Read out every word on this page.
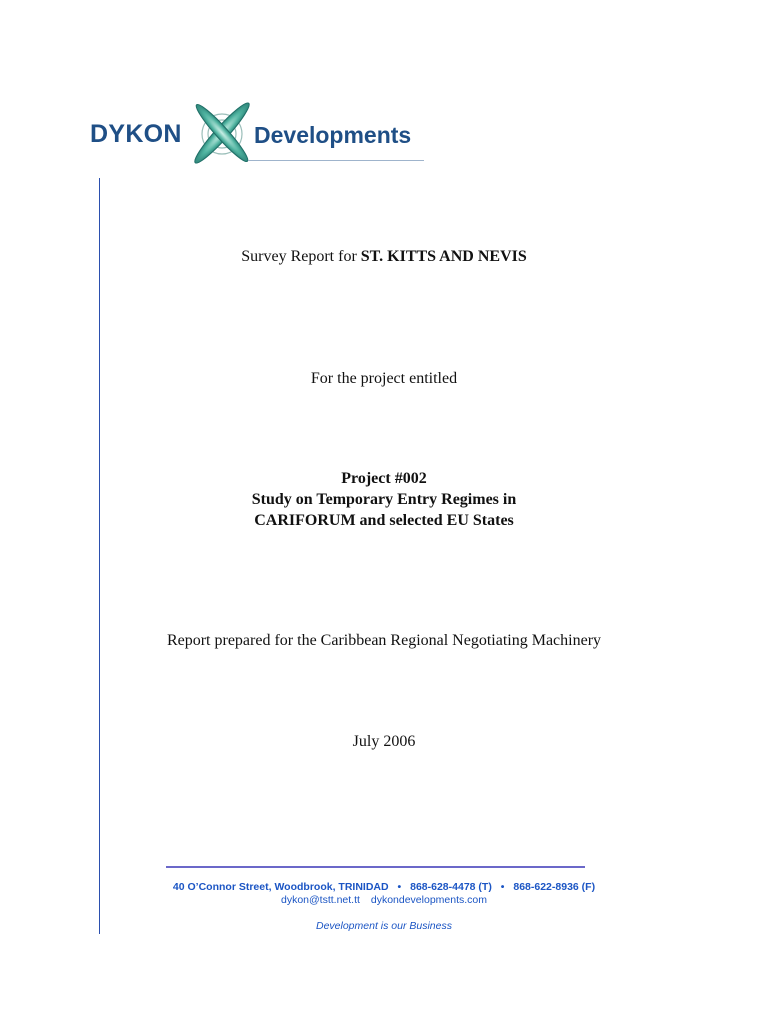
DYKON	Developments
Survey Report for ST. KITTS AND NEVIS
For the project entitled
Project #002
Study on Temporary Entry Regimes in
CARIFORUM and selected EU States
Report prepared for the Caribbean Regional Negotiating Machinery
July 2006
40 O’Connor Street, Woodbrook, TRINIDAD • 868-628-4478 (T) • 868-622-8936 (F)
dykon@tstt.net.tt dykondevelopments.com
Development is our Business
